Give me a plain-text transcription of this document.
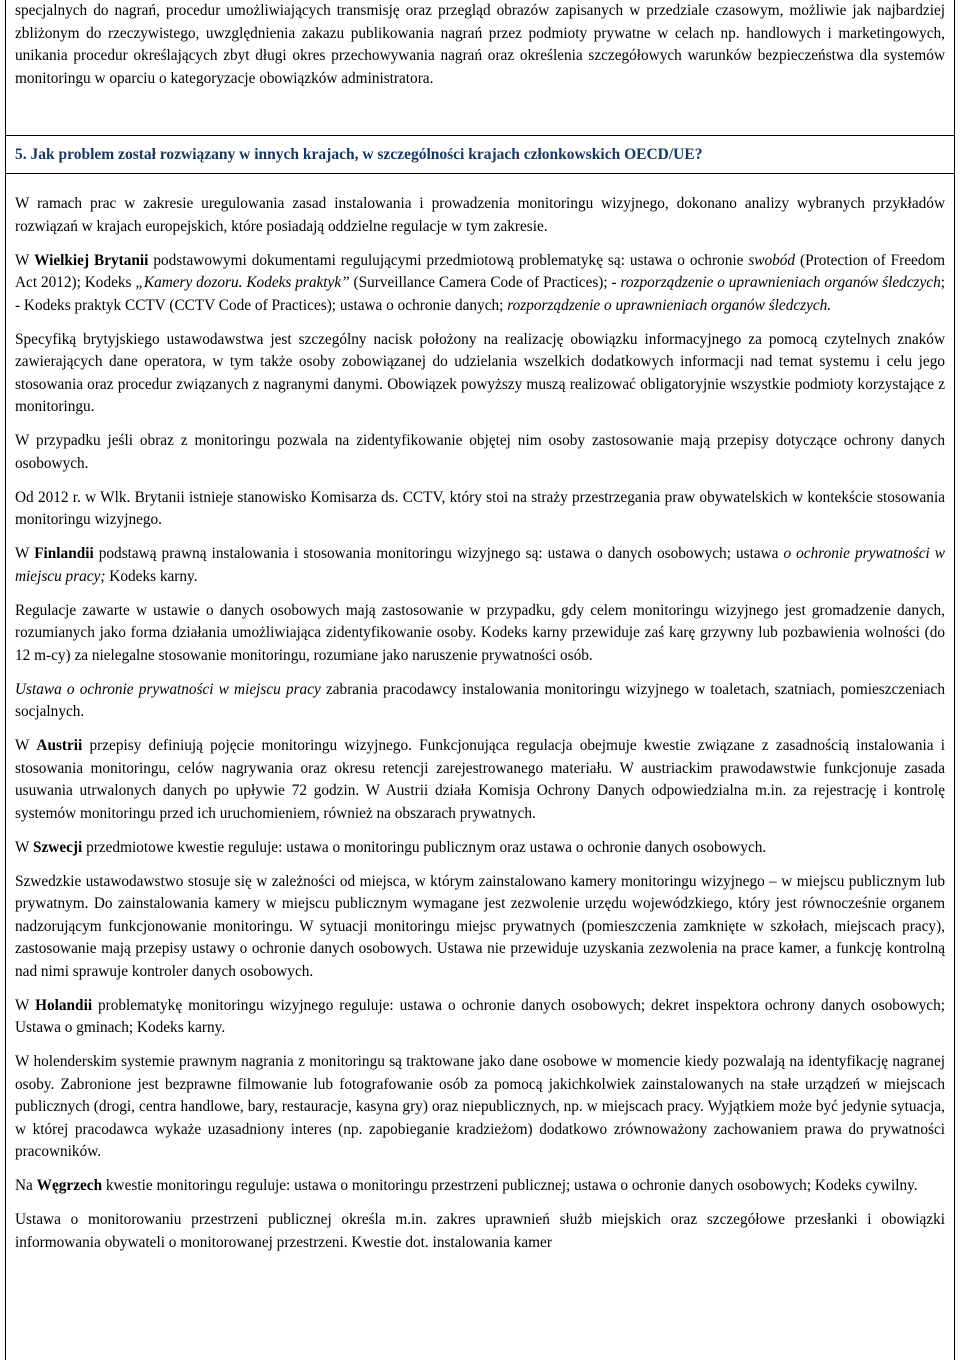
specjalnych do nagrań, procedur umożliwiających transmisję oraz przegląd obrazów zapisanych w przedziale czasowym, możliwie jak najbardziej zbliżonym do rzeczywistego, uwzględnienia zakazu publikowania nagrań przez podmioty prywatne w celach np. handlowych i marketingowych, unikania procedur określających zbyt długi okres przechowywania nagrań oraz określenia szczegółowych warunków bezpieczeństwa dla systemów monitoringu w oparciu o kategoryzacje obowiązków administratora.

5. Jak problem został rozwiązany w innych krajach, w szczególności krajach członkowskich OECD/UE?

W ramach prac w zakresie uregulowania zasad instalowania i prowadzenia monitoringu wizyjnego, dokonano analizy wybranych przykładów rozwiązań w krajach europejskich, które posiadają oddzielne regulacje w tym zakresie.

W Wielkiej Brytanii podstawowymi dokumentami regulującymi przedmiotową problematykę są: ustawa o ochronie swobód (Protection of Freedom Act 2012); Kodeks „Kamery dozoru. Kodeks praktyk” (Surveillance Camera Code of Practices); - rozporządzenie o uprawnieniach organów śledczych; - Kodeks praktyk CCTV (CCTV Code of Practices); ustawa o ochronie danych; rozporządzenie o uprawnieniach organów śledczych.

Specyfiką brytyjskiego ustawodawstwa jest szczególny nacisk położony na realizację obowiązku informacyjnego za pomocą czytelnych znaków zawierających dane operatora, w tym także osoby zobowiązanej do udzielania wszelkich dodatkowych informacji nad temat systemu i celu jego stosowania oraz procedur związanych z nagranymi danymi. Obowiązek powyższy muszą realizować obligatoryjnie wszystkie podmioty korzystające z monitoringu.

W przypadku jeśli obraz z monitoringu pozwala na zidentyfikowanie objętej nim osoby zastosowanie mają przepisy dotyczące ochrony danych osobowych.

Od 2012 r. w Wlk. Brytanii istnieje stanowisko Komisarza ds. CCTV, który stoi na straży przestrzegania praw obywatelskich w kontekście stosowania monitoringu wizyjnego.

W Finlandii podstawą prawną instalowania i stosowania monitoringu wizyjnego są: ustawa o danych osobowych; ustawa o ochronie prywatności w miejscu pracy; Kodeks karny.

Regulacje zawarte w ustawie o danych osobowych mają zastosowanie w przypadku, gdy celem monitoringu wizyjnego jest gromadzenie danych, rozumianych jako forma działania umożliwiająca zidentyfikowanie osoby. Kodeks karny przewiduje zaś karę grzywny lub pozbawienia wolności (do 12 m-cy) za nielegalne stosowanie monitoringu, rozumiane jako naruszenie prywatności osób.

Ustawa o ochronie prywatności w miejscu pracy zabrania pracodawcy instalowania monitoringu wizyjnego w toaletach, szatniach, pomieszczeniach socjalnych.

W Austrii przepisy definiują pojęcie monitoringu wizyjnego. Funkcjonująca regulacja obejmuje kwestie związane z zasadnością instalowania i stosowania monitoringu, celów nagrywania oraz okresu retencji zarejestrowanego materiału. W austriackim prawodawstwie funkcjonuje zasada usuwania utrwalonych danych po upływie 72 godzin. W Austrii działa Komisja Ochrony Danych odpowiedzialna m.in. za rejestrację i kontrolę systemów monitoringu przed ich uruchomieniem, również na obszarach prywatnych.

W Szwecji przedmiotowe kwestie reguluje: ustawa o monitoringu publicznym oraz ustawa o ochronie danych osobowych.

Szwedzkie ustawodawstwo stosuje się w zależności od miejsca, w którym zainstalowano kamery monitoringu wizyjnego – w miejscu publicznym lub prywatnym. Do zainstalowania kamery w miejscu publicznym wymagane jest zezwolenie urzędu wojewódzkiego, który jest równocześnie organem nadzorującym funkcjonowanie monitoringu. W sytuacji monitoringu miejsc prywatnych (pomieszczenia zamknięte w szkołach, miejscach pracy), zastosowanie mają przepisy ustawy o ochronie danych osobowych. Ustawa nie przewiduje uzyskania zezwolenia na prace kamer, a funkcję kontrolną nad nimi sprawuje kontroler danych osobowych.

W Holandii problematykę monitoringu wizyjnego reguluje: ustawa o ochronie danych osobowych; dekret inspektora ochrony danych osobowych; Ustawa o gminach; Kodeks karny.

W holenderskim systemie prawnym nagrania z monitoringu są traktowane jako dane osobowe w momencie kiedy pozwalają na identyfikację nagranej osoby. Zabronione jest bezprawne filmowanie lub fotografowanie osób za pomocą jakichkolwiek zainstalowanych na stałe urządzeń w miejscach publicznych (drogi, centra handlowe, bary, restauracje, kasyna gry) oraz niepublicznych, np. w miejscach pracy. Wyjątkiem może być jedynie sytuacja, w której pracodawca wykaże uzasadniony interes (np. zapobieganie kradzieżom) dodatkowo zrównoważony zachowaniem prawa do prywatności pracowników.

Na Węgrzech kwestie monitoringu reguluje: ustawa o monitoringu przestrzeni publicznej; ustawa o ochronie danych osobowych; Kodeks cywilny.

Ustawa o monitorowaniu przestrzeni publicznej określa m.in. zakres uprawnień służb miejskich oraz szczegółowe przesłanki i obowiązki informowania obywateli o monitorowanej przestrzeni. Kwestie dot. instalowania kamer
